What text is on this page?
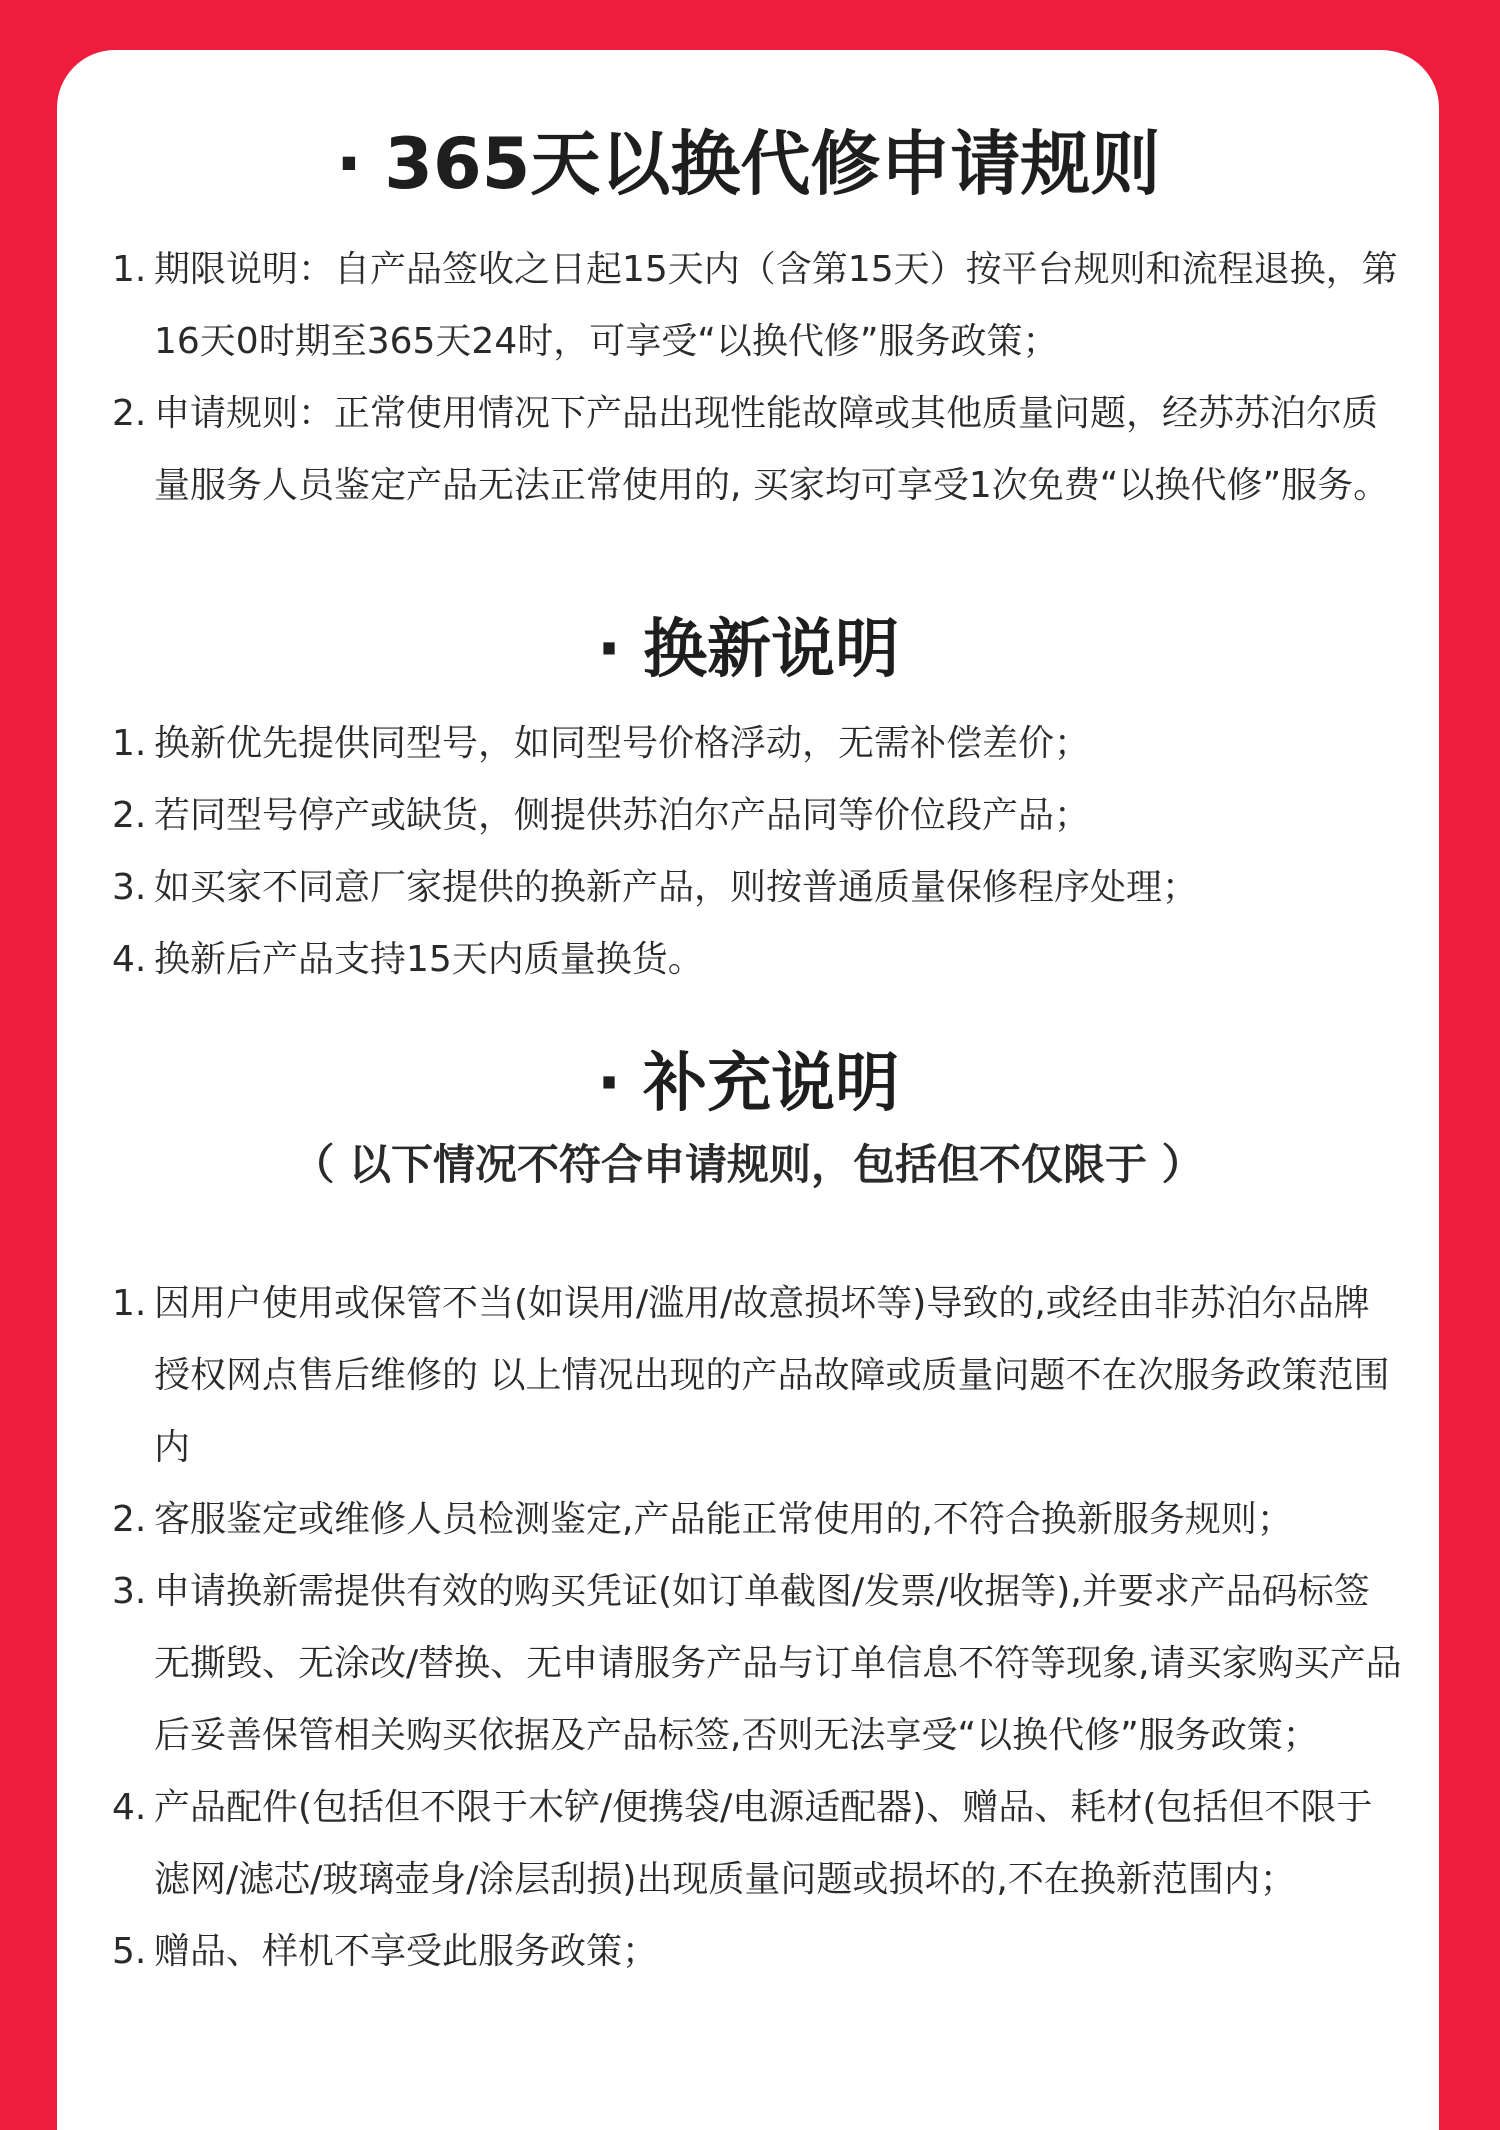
· 365天以换代修申请规则
1. 期限说明：自产品签收之日起15天内（含第15天）按平台规则和流程退换，第16天0时期至365天24时，可享受“以换代修”服务政策；
2. 申请规则：正常使用情况下产品出现性能故障或其他质量问题，经苏苏泊尔质量服务人员鉴定产品无法正常使用的, 买家均可享受1次免费“以换代修”服务。
· 换新说明
1. 换新优先提供同型号，如同型号价格浮动，无需补偿差价；
2. 若同型号停产或缺货，侧提供苏泊尔产品同等价位段产品；
3. 如买家不同意厂家提供的换新产品，则按普通质量保修程序处理；
4. 换新后产品支持15天内质量换货。
· 补充说明
（ 以下情况不符合申请规则，包括但不仅限于 ）
1. 因用户使用或保管不当(如误用/滥用/故意损坏等)导致的,或经由非苏泊尔品牌授权网点售后维修的 以上情况出现的产品故障或质量问题不在次服务政策范围内
2. 客服鉴定或维修人员检测鉴定,产品能正常使用的,不符合换新服务规则；
3. 申请换新需提供有效的购买凭证(如订单截图/发票/收据等),并要求产品码标签无撕毁、无涂改/替换、无申请服务产品与订单信息不符等现象,请买家购买产品后妥善保管相关购买依据及产品标签,否则无法享受“以换代修”服务政策；
4. 产品配件(包括但不限于木铲/便携袋/电源适配器)、赠品、耗材(包括但不限于滤网/滤芯/玻璃壶身/涂层刮损)出现质量问题或损坏的,不在换新范围内；
5. 赠品、样机不享受此服务政策；
